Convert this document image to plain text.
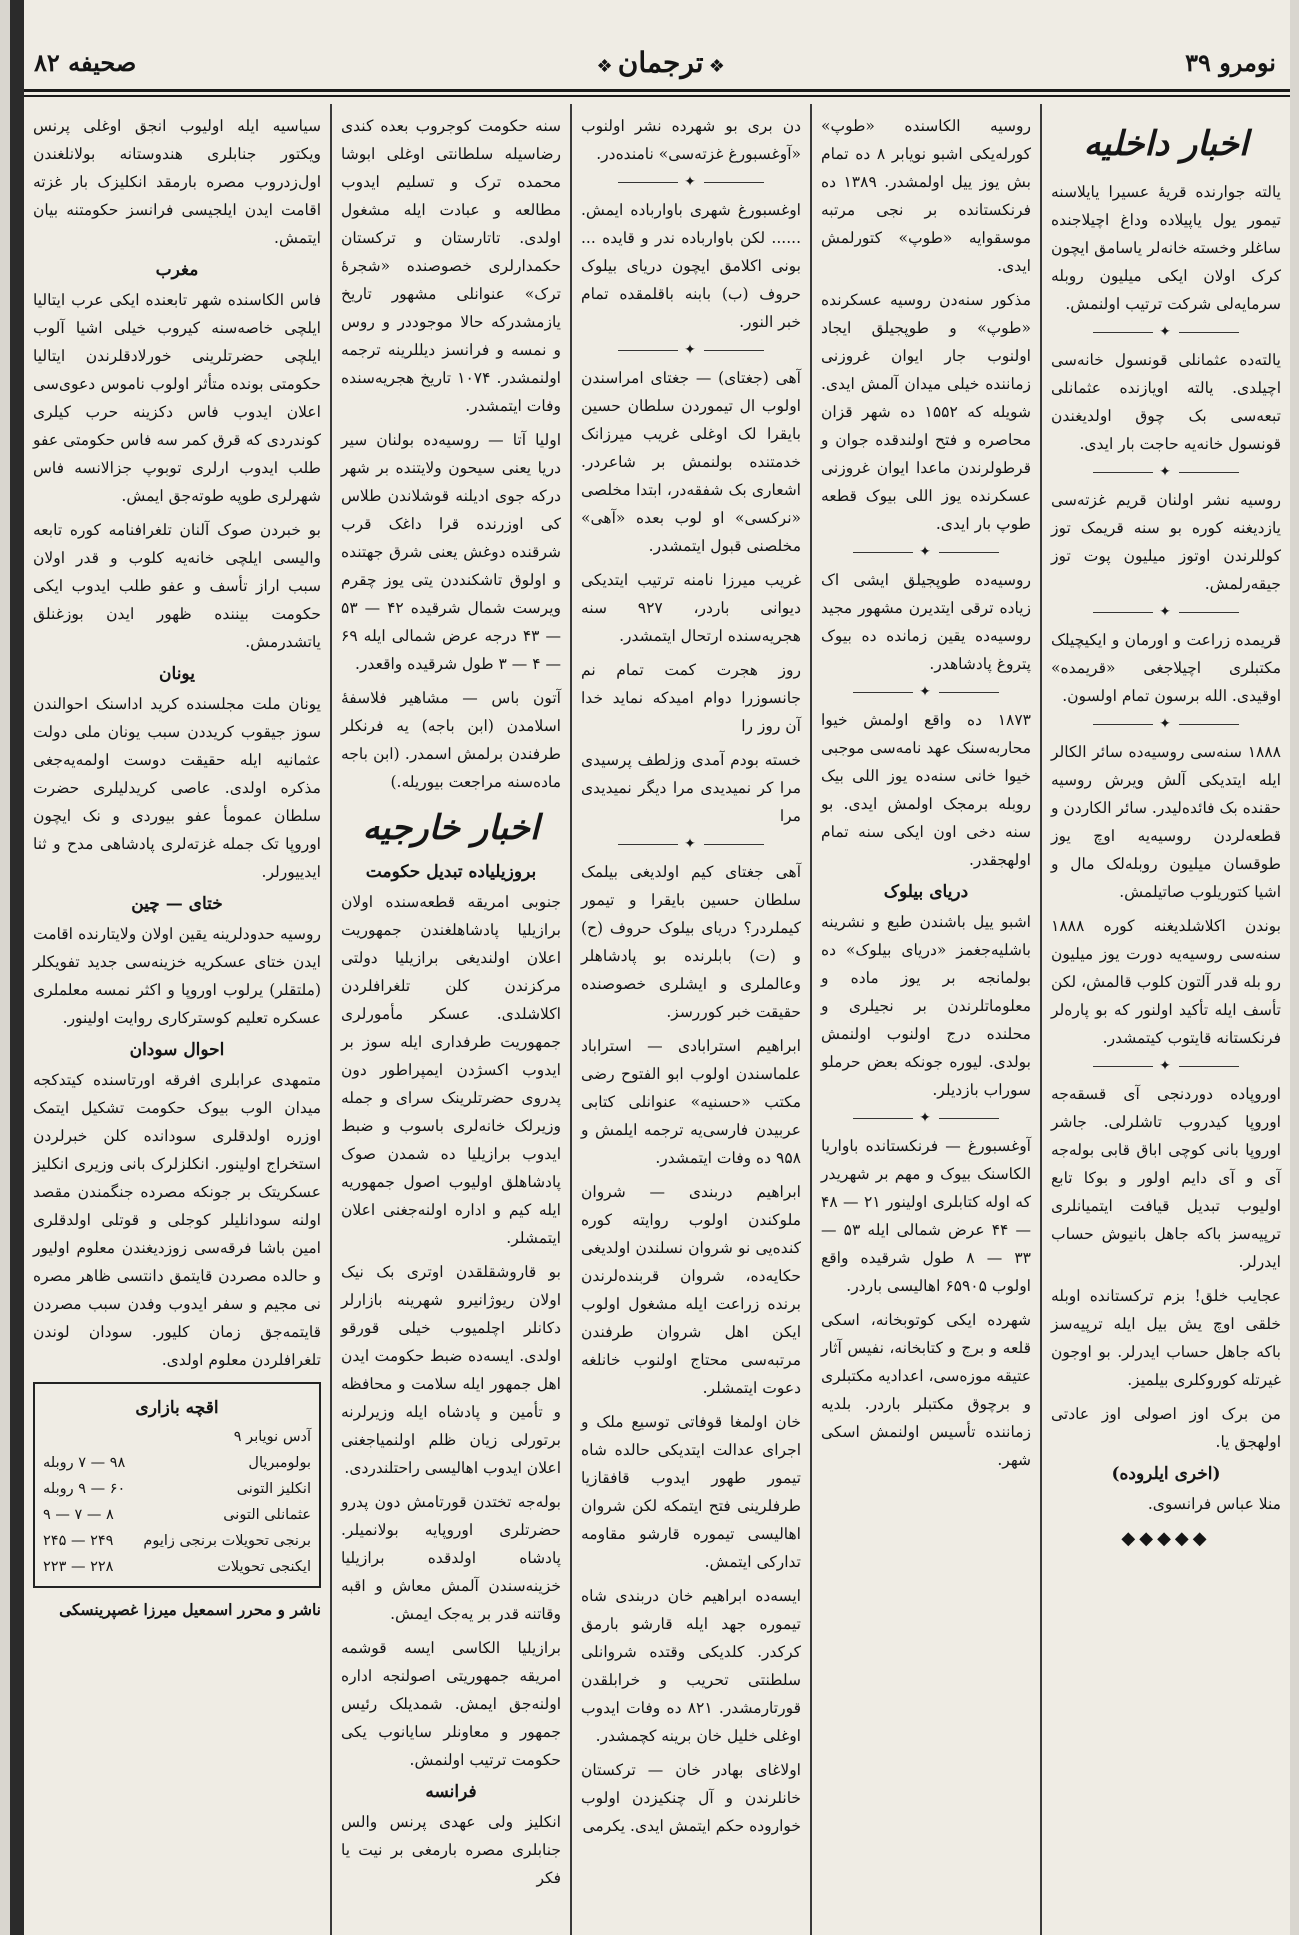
صحیفه ۸۲	❖ ترجمان ❖	نومرو ۳۹
اخبار داخلیه

یالته جوارنده قریهٔ عسیرا یایلاسنه تیمور یول یاپیلاده وداغ اچیلاجنده ساغلر وخسته خانه‌لر یاسامق ایچون کرک اولان ایکی میلیون روبله سرمایه‌لی شرکت ترتیب اولنمش.

✦

یالته‌ده عثمانلی قونسول خانه‌سی اچیلدی. یالته اویازنده عثمانلی تبعه‌سی بک چوق اولدیغندن قونسول خانه‌یه حاجت بار ایدی.

✦

روسیه نشر اولنان قریم غزته‌سی یازدیغنه کوره بو سنه قریمک توز کوللرندن اوتوز میلیون پوت توز جیقه‌رلمش.

✦

قریمده زراعت و اورمان و ایکیچیلک مکتبلری اچیلاجغی «قریمده» اوقیدی. الله برسون تمام اولسون.

✦

۱۸۸۸ سنه‌سی روسیه‌ده سائر الکالر ایله ایتدیکی آلش ویرش روسیه حقنده بک فائده‌لیدر. سائر الکاردن و قطعه‌لردن روسیه‌یه اوچ یوز طوقسان میلیون روبله‌لک مال و اشیا کتوریلوب صاتیلمش.

بوندن اکلاشلدیغنه کوره ۱۸۸۸ سنه‌سی روسیه‌یه دورت یوز میلیون رو بله قدر آلتون کلوب قالمش، لکن تأسف ایله تأکید اولنور که بو پاره‌لر فرنکستانه قایتوب کیتمشدر.

✦

اوروپاده دوردنجی آی قسقه‌جه اوروپا کیدروب تاشلرلی. جاشر اوروپا بانی کوچی اباق قابی بوله‌جه آی و آی دایم اولور و بوکا تابع اولیوب تبدیل قیافت ایتمیانلری ترپیه‌سز باکه جاهل بانیوش حساب ایدرلر.

عجایب خلق! بزم ترکستانده اوبله خلقی اوچ یش بیل ایله ترپیه‌سز باکه جاهل حساب ایدرلر. بو اوجون غیرتله کوروکلری بیلمیز.

من برک اوز اصولی اوز عادتی اولهجق یا.

(اخری ایلروده)

منلا عباس فرانسوی.

◆◆◆◆◆

روسیه الکاسنده «طوپ» کورله‌یکی اشبو نویابر ۸ ده تمام بش یوز ییل اولمشدر. ۱۳۸۹ ده فرنکستانده بر نجی مرتبه موسقوایه «طوپ» کتورلمش ایدی.

مذکور سنه‌دن روسیه عسکرنده «طوپ» و طوپجیلق ایجاد اولنوب جار ایوان غروزنی زماننده خیلی میدان آلمش ایدی. شویله که ۱۵۵۲ ده شهر قزان محاصره و فتح اولندقده جوان و قرطولرندن ماعدا ایوان غروزنی عسکرنده یوز اللی بیوک قطعه طوپ بار ایدی.

✦

روسیه‌ده طوپجیلق ایشی اک زیاده ترقی ایتدیرن مشهور مجید روسیه‌ده یقین زمانده ده بیوک پتروغ پادشاهدر.

✦

۱۸۷۳ ده واقع اولمش خیوا محاربه‌سنک عهد نامه‌سی موجبی خیوا خانی سنه‌ده یوز اللی بیک روبله برمجک اولمش ایدی. بو سنه دخی اون ایکی سنه تمام اولهجقدر.

دریای بیلوک

اشبو ییل باشندن طبع و نشرینه باشلیه‌جغمز «دریای بیلوک» ده بولمانجه بر یوز ماده و معلوماتلرندن بر نجیلری و محلنده درج اولنوب اولنمش بولدی. لیوره جونکه بعض حرملو سوراب بازدیلر.

✦

آوغسبورغ — فرنکستانده باواریا الکاسنک بیوک و مهم بر شهریدر که اوله کتابلری اولینور ۲۱ — ۴۸ — ۴۴ عرض شمالی ایله ۵۳ — ۳۳ — ۸ طول شرقیده واقع اولوب ۶۵۹۰۵ اهالیسی باردر.

شهرده ایکی کوتوبخانه، اسکی قلعه و برج و کتابخانه، نفیس آثار عتیقه موزه‌سی، اعدادیه مکتبلری و برچوق مکتبلر باردر. بلدیه زماننده تأسیس اولنمش اسکی شهر.

دن بری بو شهرده نشر اولنوب «آوغسبورغ غزته‌سی» نامنده‌در.

✦

اوغسبورغ شهری باوارباده ایمش. ...... لکن باوارباده ندر و قایده ... بونی اکلامق ایچون دریای بیلوک حروف (ب) بابنه باقلمقده تمام خبر النور.

✦

آهی (جغتای) — جغتای امراسندن اولوب ال تیموردن سلطان حسین بایقرا لک اوغلی غریب میرزانک خدمتنده بولنمش بر شاعردر. اشعاری بک شفقه‌در، ابتدا مخلصی «نرکسی» او لوب بعده «آهی» مخلصنی قبول ایتمشدر.

غریب میرزا نامنه ترتیب ایتدیکی دیوانی باردر، ۹۲۷ سنه هجریه‌سنده ارتحال ایتمشدر.

روز هجرت کمت تمام نم جانسوزرا دوام امیدکه نماید خدا آن روز را

خسته بودم آمدی وزلطف پرسیدی مرا کر نمیدیدی مرا دیگر نمیدیدی مرا

✦

آهی جغتای کیم اولدیغی بیلمک سلطان حسین بایقرا و تیمور کیملردر؟ دریای بیلوک حروف (ح) و (ت) بابلرنده بو پادشاهلر وعالملری و ایشلری خصوصنده حقیقت خبر کوررسز.

ابراهیم استرابادی — استراباد علماسندن اولوب ابو الفتوح رضی مکتب «حسنیه» عنوانلی کتابی عربیدن فارسی‌یه ترجمه ایلمش و ۹۵۸ ده وفات ایتمشدر.

ابراهیم دربندی — شروان ملوکندن اولوب روایته کوره کنده‌یی نو شروان نسلندن اولدیغی حکایه‌ده، شروان قربنده‌لرندن برنده زراعت ایله مشغول اولوب ایکن اهل شروان طرفندن مرتبه‌سی محتاج اولنوب خانلغه دعوت ایتمشلر.

خان اولمغا قوفاتی توسیع ملک و اجرای عدالت ایتدیکی حالده شاه تیمور طهور ایدوب قافقازیا طرفلرینی فتح ایتمکه لکن شروان اهالیسی تیموره قارشو مقاومه تدارکی ایتمش.

ایسه‌ده ابراهیم خان دربندی شاه تیموره جهد ایله قارشو بارمق کرکدر. کلدیکی وقتده شروانلی سلطنتی تحریب و خرابلقدن قورتارمشدر. ۸۲۱ ده وفات ایدوب اوغلی خلیل خان برینه کچمشدر.

اولاغای بهادر خان — ترکستان خانلرندن و آل چنکیزدن اولوب خواروده حکم ایتمش ایدی. یکرمی

سنه حکومت کوجروب بعده کندی رضاسیله سلطانتی اوغلی ابوشا محمده ترک و تسلیم ایدوب مطالعه و عبادت ایله مشغول اولدی. تاتارستان و ترکستان حکمدارلری خصوصنده «شجرهٔ ترک» عنوانلی مشهور تاریخ یازمشدرکه حالا موجوددر و روس و نمسه و فرانسز دیللرینه ترجمه اولنمشدر. ۱۰۷۴ تاریخ هجریه‌سنده وفات ایتمشدر.

اولیا آتا — روسیه‌ده بولنان سیر دریا یعنی سیحون ولایتنده بر شهر درکه جوی ادیلنه قوشلاندن طلاس کی اوزرنده قرا داغک قرب شرقنده دوغش یعنی شرق جهتنده و اولوق تاشکنددن یتی یوز چقرم ویرست شمال شرقیده ۴۲ — ۵۳ — ۴۳ درجه عرض شمالی ایله ۶۹ — ۴ — ۳ طول شرقیده واقعدر.

آتون باس — مشاهیر فلاسفهٔ اسلامدن (ابن باجه) یه فرنکلر طرفندن برلمش اسمدر. (ابن باجه ماده‌سنه مراجعت بیوریله.)

اخبار خارجیه
بروزیلیاده تبدیل حکومت

جنوبی امریقه قطعه‌سنده اولان برازیلیا پادشاهلغندن جمهوریت اعلان اولندیغی برازیلیا دولتی مرکزندن کلن تلغرافلردن اکلاشلدی. عسکر مأمورلری جمهوریت طرفداری ایله سوز بر ایدوب اکسژدن ایمپراطور دون پدروی حضرتلرینک سرای و جمله وزیرلک خانه‌لری باسوب و ضبط ایدوب برازیلیا ده شمدن صوک پادشاهلق اولیوب اصول جمهوریه ایله کیم و اداره اولنه‌جغنی اعلان ایتمشلر.

بو قاروشقلقدن اوتری بک نیک اولان ریوژانیرو شهرینه بازارلر دکانلر اچلمیوب خیلی قورقو اولدی. ایسه‌ده ضبط حکومت ایدن اهل جمهور ایله سلامت و محافظه و تأمین و پادشاه ایله وزیرلرنه برتورلی زیان ظلم اولنمیاجغنی اعلان ایدوب اهالیسی راحتلندردی.

بوله‌جه تختدن قورتامش دون پدرو حضرتلری اوروپایه بولانمیلر. پادشاه اولدقده برازیلیا خزینه‌سندن آلمش معاش و اقبه وقاتنه قدر بر یه‌جک ایمش.

برازیلیا الکاسی ایسه قوشمه امریقه جمهوریتی اصولنجه اداره اولنه‌جق ایمش. شمدیلک رئیس جمهور و معاونلر سایانوب یکی حکومت ترتیب اولنمش.

فرانسه

انکلیز ولی عهدی پرنس والس جنابلری مصره بارمغی بر نیت یا فکر

سیاسیه ایله اولیوب انجق اوغلی پرنس ویکتور جنابلری هندوستانه بولانلغندن اول‌زدروب مصره بارمقد انکلیزک بار غزته اقامت ایدن ایلجیسی فرانسز حکومتنه بیان ایتمش.

مغرب

فاس الکاسنده شهر تابعنده ایکی عرب ایتالیا ایلچی خاصه‌سنه کیروب خیلی اشیا آلوب ایلچی حضرتلرینی خورلادقلرندن ایتالیا حکومتی بونده متأثر اولوب ناموس دعوی‌سی اعلان ایدوب فاس دکزینه حرب کیلری کوندردی که قرق کمر سه فاس حکومتی عفو طلب ایدوب ارلری توبوپ جزالانسه فاس شهرلری طوپه طوته‌جق ایمش.

بو خبردن صوک آلنان تلغرافنامه کوره تابعه والیسی ایلچی خانه‌یه کلوب و قدر اولان سبب اراز تأسف و عفو طلب ایدوب ایکی حکومت بیننده ظهور ایدن بوزغنلق یاتشدرمش.

یونان

یونان ملت مجلسنده کرید اداسنک احوالندن سوز جیقوب کریددن سبب یونان ملی دولت عثمانیه ایله حقیقت دوست اولمه‌یه‌جغی مذکره اولدی. عاصی کریدلیلری حضرت سلطان عمومأ عفو بیوردی و نک ایچون اوروپا تک جمله غزته‌لری پادشاهی مدح و ثنا ایدییورلر.

ختای — چین

روسیه حدودلرینه یقین اولان ولایتارنده اقامت ایدن ختای عسکریه خزینه‌سی جدید تفویکلر (ملتقلر) یرلوب اوروپا و اکثر نمسه معلملری عسکره تعلیم کوسترکاری روایت اولینور.

احوال سودان

متمهدی عرابلری افرقه اورتاسنده کیتدکجه میدان الوب بیوک حکومت تشکیل ایتمک اوزره اولدقلری سودانده کلن خبرلردن استخراج اولینور. انکلزلرک بانی وزیری انکلیز عسکریتک بر جونکه مصرده جنگمندن مقصد اولنه سودانلیلر کوجلی و قوتلی اولدقلری امین باشا فرقه‌سی زوزدیغندن معلوم اولیور و حالده مصردن قایتمق دانتسی ظاهر مصره نی مجیم و سفر ایدوب وفدن سبب مصردن قایتمه‌جق زمان کلیور. سودان لوندن تلغرافلردن معلوم اولدی.

اقچه بازاری
آدس نویابر ۹
بولومبریال
۹۸ — ۷ روبله
انکلیز التونی
۶۰ — ۹ روبله
عثمانلی التونی
۸ — ۷ — ۹
برنجی تحویلات برنجی زایوم
۲۴۹ — ۲۴۵
ایکنجی تحویلات
۲۲۸ — ۲۲۳

ناشر و محرر اسمعیل میرزا غصپرینسکی
